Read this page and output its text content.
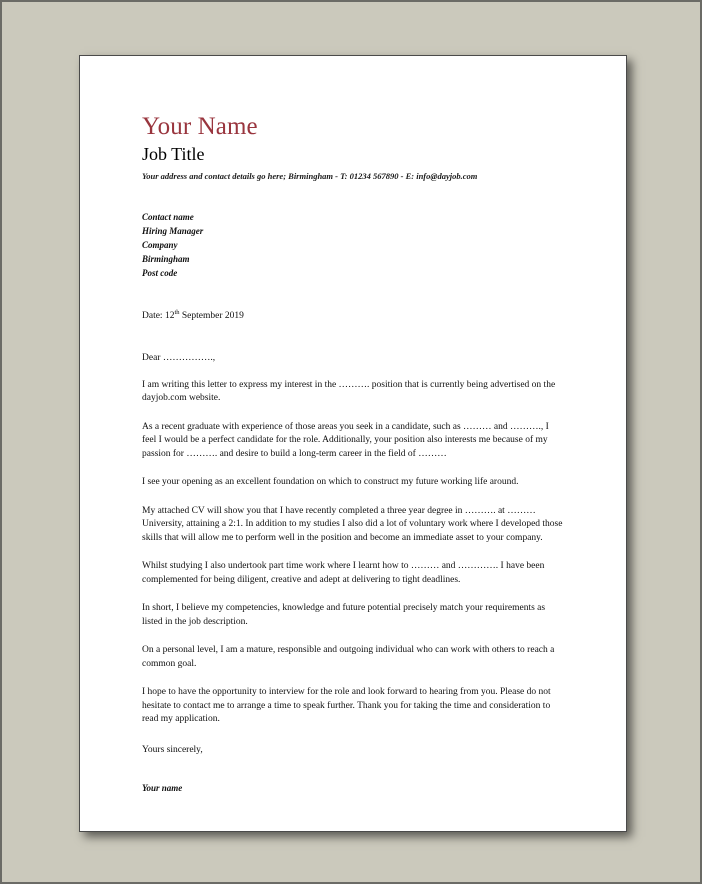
Your Name
Job Title
Your address and contact details go here; Birmingham - T: 01234 567890 - E: info@dayjob.com
Contact name
Hiring Manager
Company
Birmingham
Post code
Date: 12th September 2019
Dear …………….,
I am writing this letter to express my interest in the ………. position that is currently being advertised on the dayjob.com website.
As a recent graduate with experience of those areas you seek in a candidate, such as ……… and ………., I feel I would be a perfect candidate for the role. Additionally, your position also interests me because of my passion for ………. and desire to build a long-term career in the field of ………
I see your opening as an excellent foundation on which to construct my future working life around.
My attached CV will show you that I have recently completed a three year degree in ………. at ……… University, attaining a 2:1. In addition to my studies I also did a lot of voluntary work where I developed those skills that will allow me to perform well in the position and become an immediate asset to your company.
Whilst studying I also undertook part time work where I learnt how to ……… and …………. I have been complemented for being diligent, creative and adept at delivering to tight deadlines.
In short, I believe my competencies, knowledge and future potential precisely match your requirements as listed in the job description.
On a personal level, I am a mature, responsible and outgoing individual who can work with others to reach a common goal.
I hope to have the opportunity to interview for the role and look forward to hearing from you. Please do not hesitate to contact me to arrange a time to speak further. Thank you for taking the time and consideration to read my application.
Yours sincerely,
Your name
